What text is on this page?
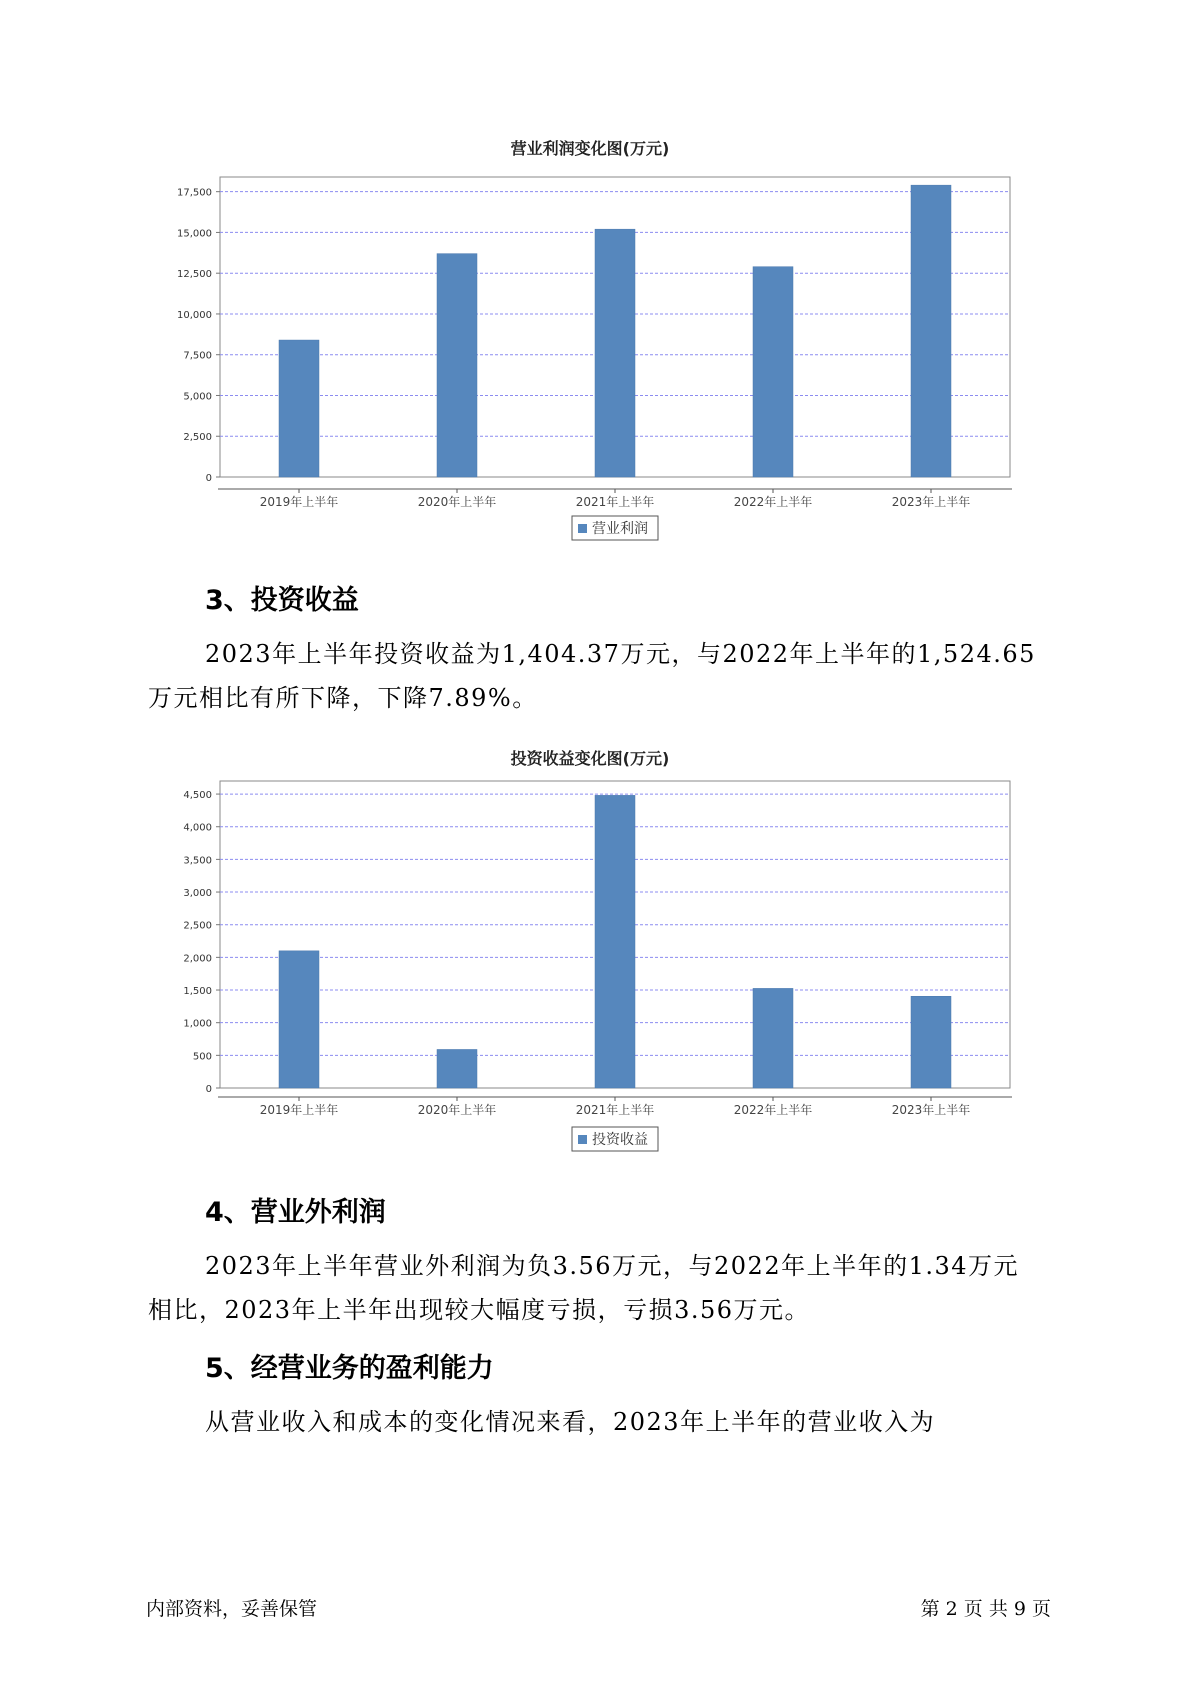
营业利润变化图(万元)
0
2,500
5,000
7,500
10,000
12,500
15,000
17,500
2019年上半年	2020年上半年	2021年上半年	2022年上半年	2023年上半年
营业利润
3、投资收益
2023年上半年投资收益为1,404.37万元，与2022年上半年的1,524.65
万元相比有所下降，下降7.89%。
投资收益变化图(万元)
0
500
1,000
1,500
2,000
2,500
3,000
3,500
4,000
4,500
2019年上半年	2020年上半年	2021年上半年	2022年上半年	2023年上半年
投资收益
4、营业外利润
2023年上半年营业外利润为负3.56万元，与2022年上半年的1.34万元
相比，2023年上半年出现较大幅度亏损，亏损3.56万元。
5、经营业务的盈利能力
从营业收入和成本的变化情况来看，2023年上半年的营业收入为
内部资料，妥善保管	第 2 页 共 9 页
